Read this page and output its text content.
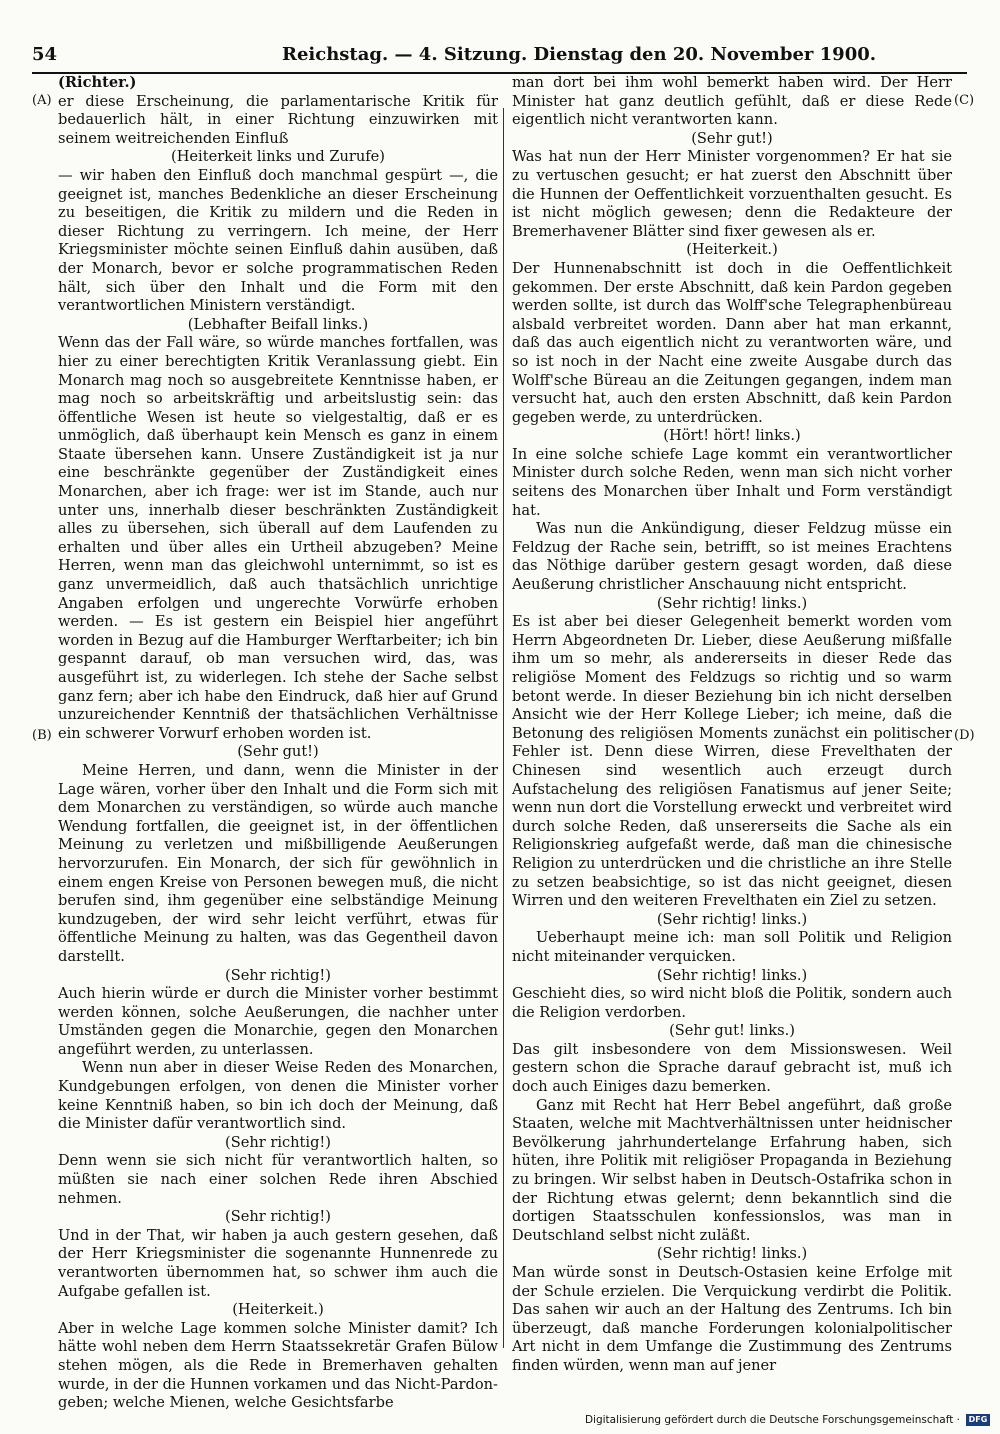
54	Reichstag. — 4. Sitzung. Dienstag den 20. November 1900.
(A)
(B)
(C)
(D)

(Richter.)

er diese Erscheinung, die parlamentarische Kritik für bedauerlich hält, in einer Richtung einzuwirken mit seinem weitreichenden Einfluß

(Heiterkeit links und Zurufe)

— wir haben den Einfluß doch manchmal gespürt —, die geeignet ist, manches Bedenkliche an dieser Erscheinung zu beseitigen, die Kritik zu mildern und die Reden in dieser Richtung zu verringern. Ich meine, der Herr Kriegsminister möchte seinen Einfluß dahin ausüben, daß der Monarch, bevor er solche programmatischen Reden hält, sich über den Inhalt und die Form mit den verantwortlichen Ministern verständigt.

(Lebhafter Beifall links.)

Wenn das der Fall wäre, so würde manches fortfallen, was hier zu einer berechtigten Kritik Veranlassung giebt. Ein Monarch mag noch so ausgebreitete Kenntnisse haben, er mag noch so arbeitskräftig und arbeitslustig sein: das öffentliche Wesen ist heute so vielgestaltig, daß er es unmöglich, daß überhaupt kein Mensch es ganz in einem Staate übersehen kann. Unsere Zuständigkeit ist ja nur eine beschränkte gegenüber der Zuständigkeit eines Monarchen, aber ich frage: wer ist im Stande, auch nur unter uns, innerhalb dieser beschränkten Zuständigkeit alles zu übersehen, sich überall auf dem Laufenden zu erhalten und über alles ein Urtheil abzugeben? Meine Herren, wenn man das gleichwohl unternimmt, so ist es ganz unvermeidlich, daß auch thatsächlich unrichtige Angaben erfolgen und ungerechte Vorwürfe erhoben werden. — Es ist gestern ein Beispiel hier angeführt worden in Bezug auf die Hamburger Werftarbeiter; ich bin gespannt darauf, ob man versuchen wird, das, was ausgeführt ist, zu widerlegen. Ich stehe der Sache selbst ganz fern; aber ich habe den Eindruck, daß hier auf Grund unzureichender Kenntniß der thatsächlichen Verhältnisse ein schwerer Vorwurf erhoben worden ist.

(Sehr gut!)

Meine Herren, und dann, wenn die Minister in der Lage wären, vorher über den Inhalt und die Form sich mit dem Monarchen zu verständigen, so würde auch manche Wendung fortfallen, die geeignet ist, in der öffentlichen Meinung zu verletzen und mißbilligende Aeußerungen hervorzurufen. Ein Monarch, der sich für gewöhnlich in einem engen Kreise von Personen bewegen muß, die nicht berufen sind, ihm gegenüber eine selbständige Meinung kundzugeben, der wird sehr leicht verführt, etwas für öffentliche Meinung zu halten, was das Gegentheil davon darstellt.

(Sehr richtig!)

Auch hierin würde er durch die Minister vorher bestimmt werden können, solche Aeußerungen, die nachher unter Umständen gegen die Monarchie, gegen den Monarchen angeführt werden, zu unterlassen.

Wenn nun aber in dieser Weise Reden des Monarchen, Kundgebungen erfolgen, von denen die Minister vorher keine Kenntniß haben, so bin ich doch der Meinung, daß die Minister dafür verantwortlich sind.

(Sehr richtig!)

Denn wenn sie sich nicht für verantwortlich halten, so müßten sie nach einer solchen Rede ihren Abschied nehmen.

(Sehr richtig!)

Und in der That, wir haben ja auch gestern gesehen, daß der Herr Kriegsminister die sogenannte Hunnenrede zu verantworten übernommen hat, so schwer ihm auch die Aufgabe gefallen ist.

(Heiterkeit.)

Aber in welche Lage kommen solche Minister damit? Ich hätte wohl neben dem Herrn Staatssekretär Grafen Bülow stehen mögen, als die Rede in Bremerhaven gehalten wurde, in der die Hunnen vorkamen und das Nicht-Pardon-geben; welche Mienen, welche Gesichtsfarbe

man dort bei ihm wohl bemerkt haben wird. Der Herr Minister hat ganz deutlich gefühlt, daß er diese Rede eigentlich nicht verantworten kann.

(Sehr gut!)

Was hat nun der Herr Minister vorgenommen? Er hat sie zu vertuschen gesucht; er hat zuerst den Abschnitt über die Hunnen der Oeffentlichkeit vorzuenthalten gesucht. Es ist nicht möglich gewesen; denn die Redakteure der Bremerhavener Blätter sind fixer gewesen als er.

(Heiterkeit.)

Der Hunnenabschnitt ist doch in die Oeffentlichkeit gekommen. Der erste Abschnitt, daß kein Pardon gegeben werden sollte, ist durch das Wolff'sche Telegraphenbüreau alsbald verbreitet worden. Dann aber hat man erkannt, daß das auch eigentlich nicht zu verantworten wäre, und so ist noch in der Nacht eine zweite Ausgabe durch das Wolff'sche Büreau an die Zeitungen gegangen, indem man versucht hat, auch den ersten Abschnitt, daß kein Pardon gegeben werde, zu unterdrücken.

(Hört! hört! links.)

In eine solche schiefe Lage kommt ein verantwortlicher Minister durch solche Reden, wenn man sich nicht vorher seitens des Monarchen über Inhalt und Form verständigt hat.

Was nun die Ankündigung, dieser Feldzug müsse ein Feldzug der Rache sein, betrifft, so ist meines Erachtens das Nöthige darüber gestern gesagt worden, daß diese Aeußerung christlicher Anschauung nicht entspricht.

(Sehr richtig! links.)

Es ist aber bei dieser Gelegenheit bemerkt worden vom Herrn Abgeordneten Dr. Lieber, diese Aeußerung mißfalle ihm um so mehr, als andererseits in dieser Rede das religiöse Moment des Feldzugs so richtig und so warm betont werde. In dieser Beziehung bin ich nicht derselben Ansicht wie der Herr Kollege Lieber; ich meine, daß die Betonung des religiösen Moments zunächst ein politischer Fehler ist. Denn diese Wirren, diese Frevelthaten der Chinesen sind wesentlich auch erzeugt durch Aufstachelung des religiösen Fanatismus auf jener Seite; wenn nun dort die Vorstellung erweckt und verbreitet wird durch solche Reden, daß unsererseits die Sache als ein Religionskrieg aufgefaßt werde, daß man die chinesische Religion zu unterdrücken und die christliche an ihre Stelle zu setzen beabsichtige, so ist das nicht geeignet, diesen Wirren und den weiteren Frevelthaten ein Ziel zu setzen.

(Sehr richtig! links.)

Ueberhaupt meine ich: man soll Politik und Religion nicht miteinander verquicken.

(Sehr richtig! links.)

Geschieht dies, so wird nicht bloß die Politik, sondern auch die Religion verdorben.

(Sehr gut! links.)

Das gilt insbesondere von dem Missionswesen. Weil gestern schon die Sprache darauf gebracht ist, muß ich doch auch Einiges dazu bemerken.

Ganz mit Recht hat Herr Bebel angeführt, daß große Staaten, welche mit Machtverhältnissen unter heidnischer Bevölkerung jahrhundertelange Erfahrung haben, sich hüten, ihre Politik mit religiöser Propaganda in Beziehung zu bringen. Wir selbst haben in Deutsch-Ostafrika schon in der Richtung etwas gelernt; denn bekanntlich sind die dortigen Staatsschulen konfessionslos, was man in Deutschland selbst nicht zuläßt.

(Sehr richtig! links.)

Man würde sonst in Deutsch-Ostasien keine Erfolge mit der Schule erzielen. Die Verquickung verdirbt die Politik. Das sahen wir auch an der Haltung des Zentrums. Ich bin überzeugt, daß manche Forderungen kolonialpolitischer Art nicht in dem Umfange die Zustimmung des Zentrums finden würden, wenn man auf jener

Digitalisierung gefördert durch die Deutsche Forschungsgemeinschaft ·	DFG
